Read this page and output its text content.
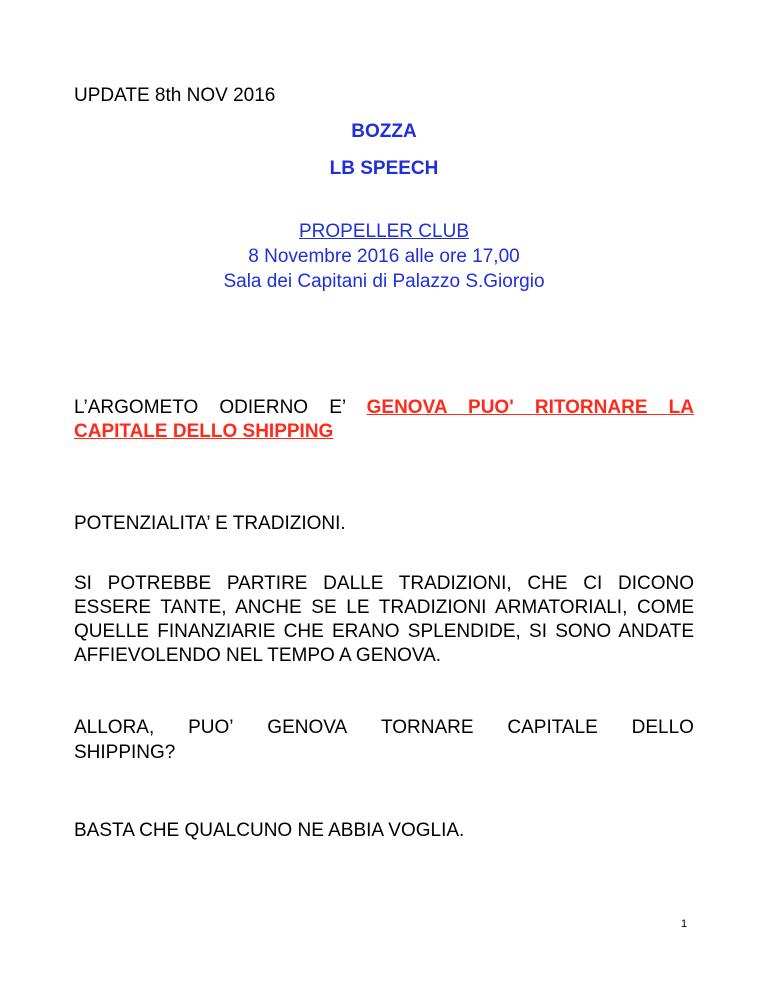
UPDATE 8th NOV 2016
BOZZA
LB SPEECH
PROPELLER CLUB
8 Novembre 2016 alle ore 17,00
Sala dei Capitani di Palazzo S.Giorgio
L’ARGOMETO ODIERNO E’ GENOVA PUO' RITORNARE LA CAPITALE DELLO SHIPPING
POTENZIALITA’ E TRADIZIONI.
SI POTREBBE PARTIRE DALLE TRADIZIONI, CHE CI DICONO ESSERE TANTE, ANCHE SE LE TRADIZIONI ARMATORIALI, COME QUELLE FINANZIARIE CHE ERANO SPLENDIDE, SI SONO ANDATE AFFIEVOLENDO NEL TEMPO A GENOVA.
ALLORA, PUO’ GENOVA TORNARE CAPITALE DELLO
SHIPPING?
BASTA CHE QUALCUNO NE ABBIA VOGLIA.
1
